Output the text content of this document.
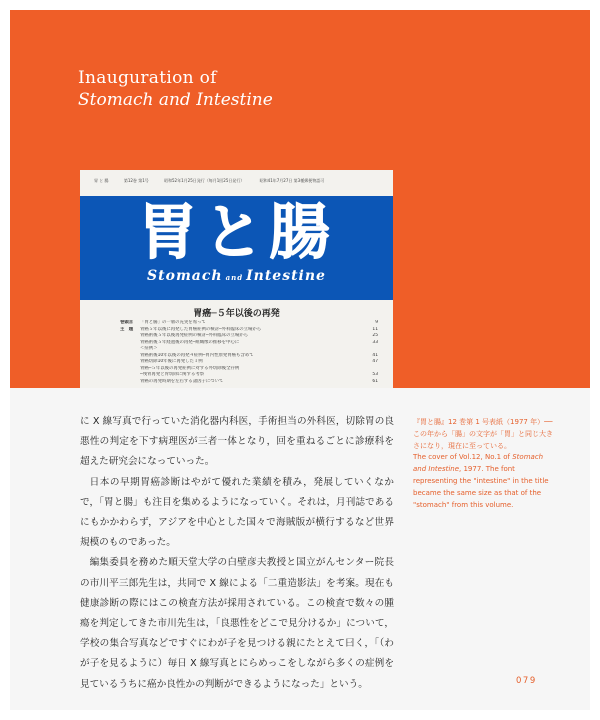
Inauguration of
Stomach and Intestine
胃 と 腸	第12巻 第1号	昭和52年1月25日発行（毎月1回25日発行）	昭和41年7月27日 第3種郵便物認可
胃と腸
Stomach and Intestine
胃癌─５年以後の再発
巻頭言	「胃と腸」の一層の充実を希って	9
主　題	胃癌５年以後に再発した胃癌症例の検討─外科臨床の立場から	11
胃癌術後５年以後再発症例の検討─外科臨床の立場から	25
胃癌術後５年経過後の再発─組織像の推移を中心に	33
＜症例＞
胃癌術後10年以後の再発４症例─胃内性原発胃癌も含めて	41
胃癌切除10年後に再発した１例	47
胃癌─５年以後の再発症例に対する外切除後全存例
─残胃再発と胃切除に関する考察	53
胃癌の再発時期を左右する諸因子について	61

に X 線写真で行っていた消化器内科医，手術担当の外科医，切除胃の良悪性の判定を下す病理医が三者一体となり，回を重ねるごとに診療科を超えた研究会になっていった。

日本の早期胃癌診断はやがて優れた業績を積み，発展していくなかで，「胃と腸」も注目を集めるようになっていく。それは，月刊誌であるにもかかわらず，アジアを中心とした国々で海賊版が横行するなど世界規模のものであった。

編集委員を務めた順天堂大学の白壁彦夫教授と国立がんセンター院長の市川平三郎先生は，共同で X 線による「二重造影法」を考案。現在も健康診断の際にはこの検査方法が採用されている。この検査で数々の腫瘍を判定してきた市川先生は，「良悪性をどこで見分けるか」について，学校の集合写真などですぐにわが子を見つける親にたとえて曰く，「（わが子を見るように）毎日 X 線写真とにらめっこをしながら多くの症例を見ているうちに癌か良性かの判断ができるようになった」という。

『胃と腸』12 巻第 1 号表紙（1977 年）── この年から「腸」の文字が「胃」と同じ大きさになり，現在に至っている。
The cover of Vol.12, No.1 of Stomach and Intestine, 1977. The font representing the "intestine" in the title became the same size as that of the "stomach" from this volume.
079
